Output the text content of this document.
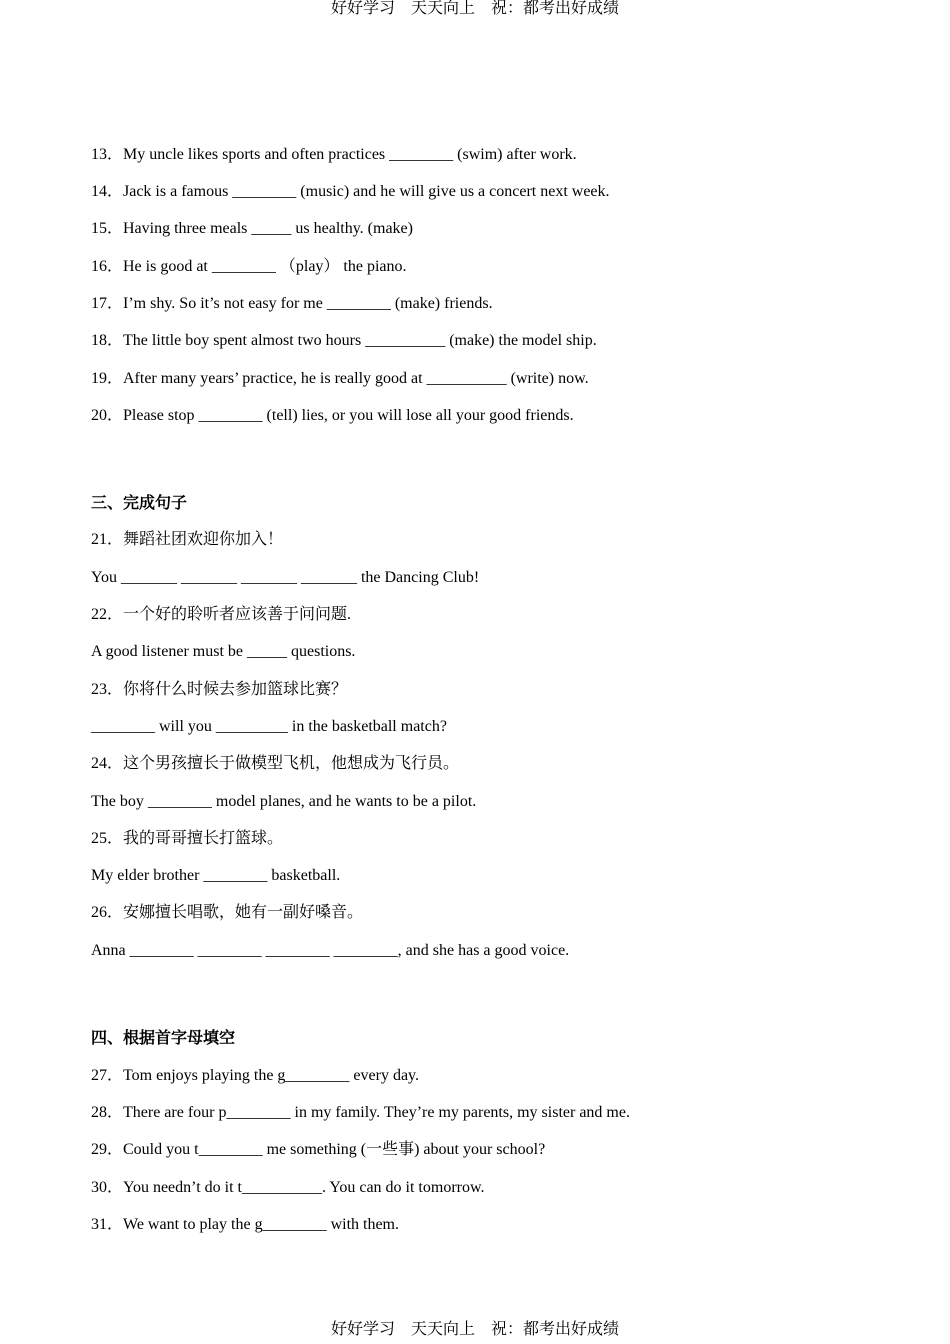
好好学习　天天向上　祝：都考出好成绩
13．My uncle likes sports and often practices ________ (swim) after work.
14．Jack is a famous ________ (music) and he will give us a concert next week.
15．Having three meals _____ us healthy. (make)
16．He is good at ________ （play） the piano.
17．I’m shy. So it’s not easy for me ________ (make) friends.
18．The little boy spent almost two hours __________ (make) the model ship.
19．After many years’ practice, he is really good at __________ (write) now.
20．Please stop ________ (tell) lies, or you will lose all your good friends.
三、完成句子
21．舞蹈社团欢迎你加入！
You _______ _______ _______ _______ the Dancing Club!
22．一个好的聆听者应该善于问问题.
A good listener must be _____ questions.
23．你将什么时候去参加篮球比赛？
________ will you _________ in the basketball match?
24．这个男孩擅长于做模型飞机，他想成为飞行员。
The boy ________ model planes, and he wants to be a pilot.
25．我的哥哥擅长打篮球。
My elder brother ________ basketball.
26．安娜擅长唱歌，她有一副好嗓音。
Anna ________ ________ ________ ________, and she has a good voice.
四、根据首字母填空
27．Tom enjoys playing the g________ every day.
28．There are four p________ in my family. They’re my parents, my sister and me.
29．Could you t________ me something (一些事) about your school?
30．You needn’t do it t__________. You can do it tomorrow.
31．We want to play the g________ with them.
好好学习　天天向上　祝：都考出好成绩
